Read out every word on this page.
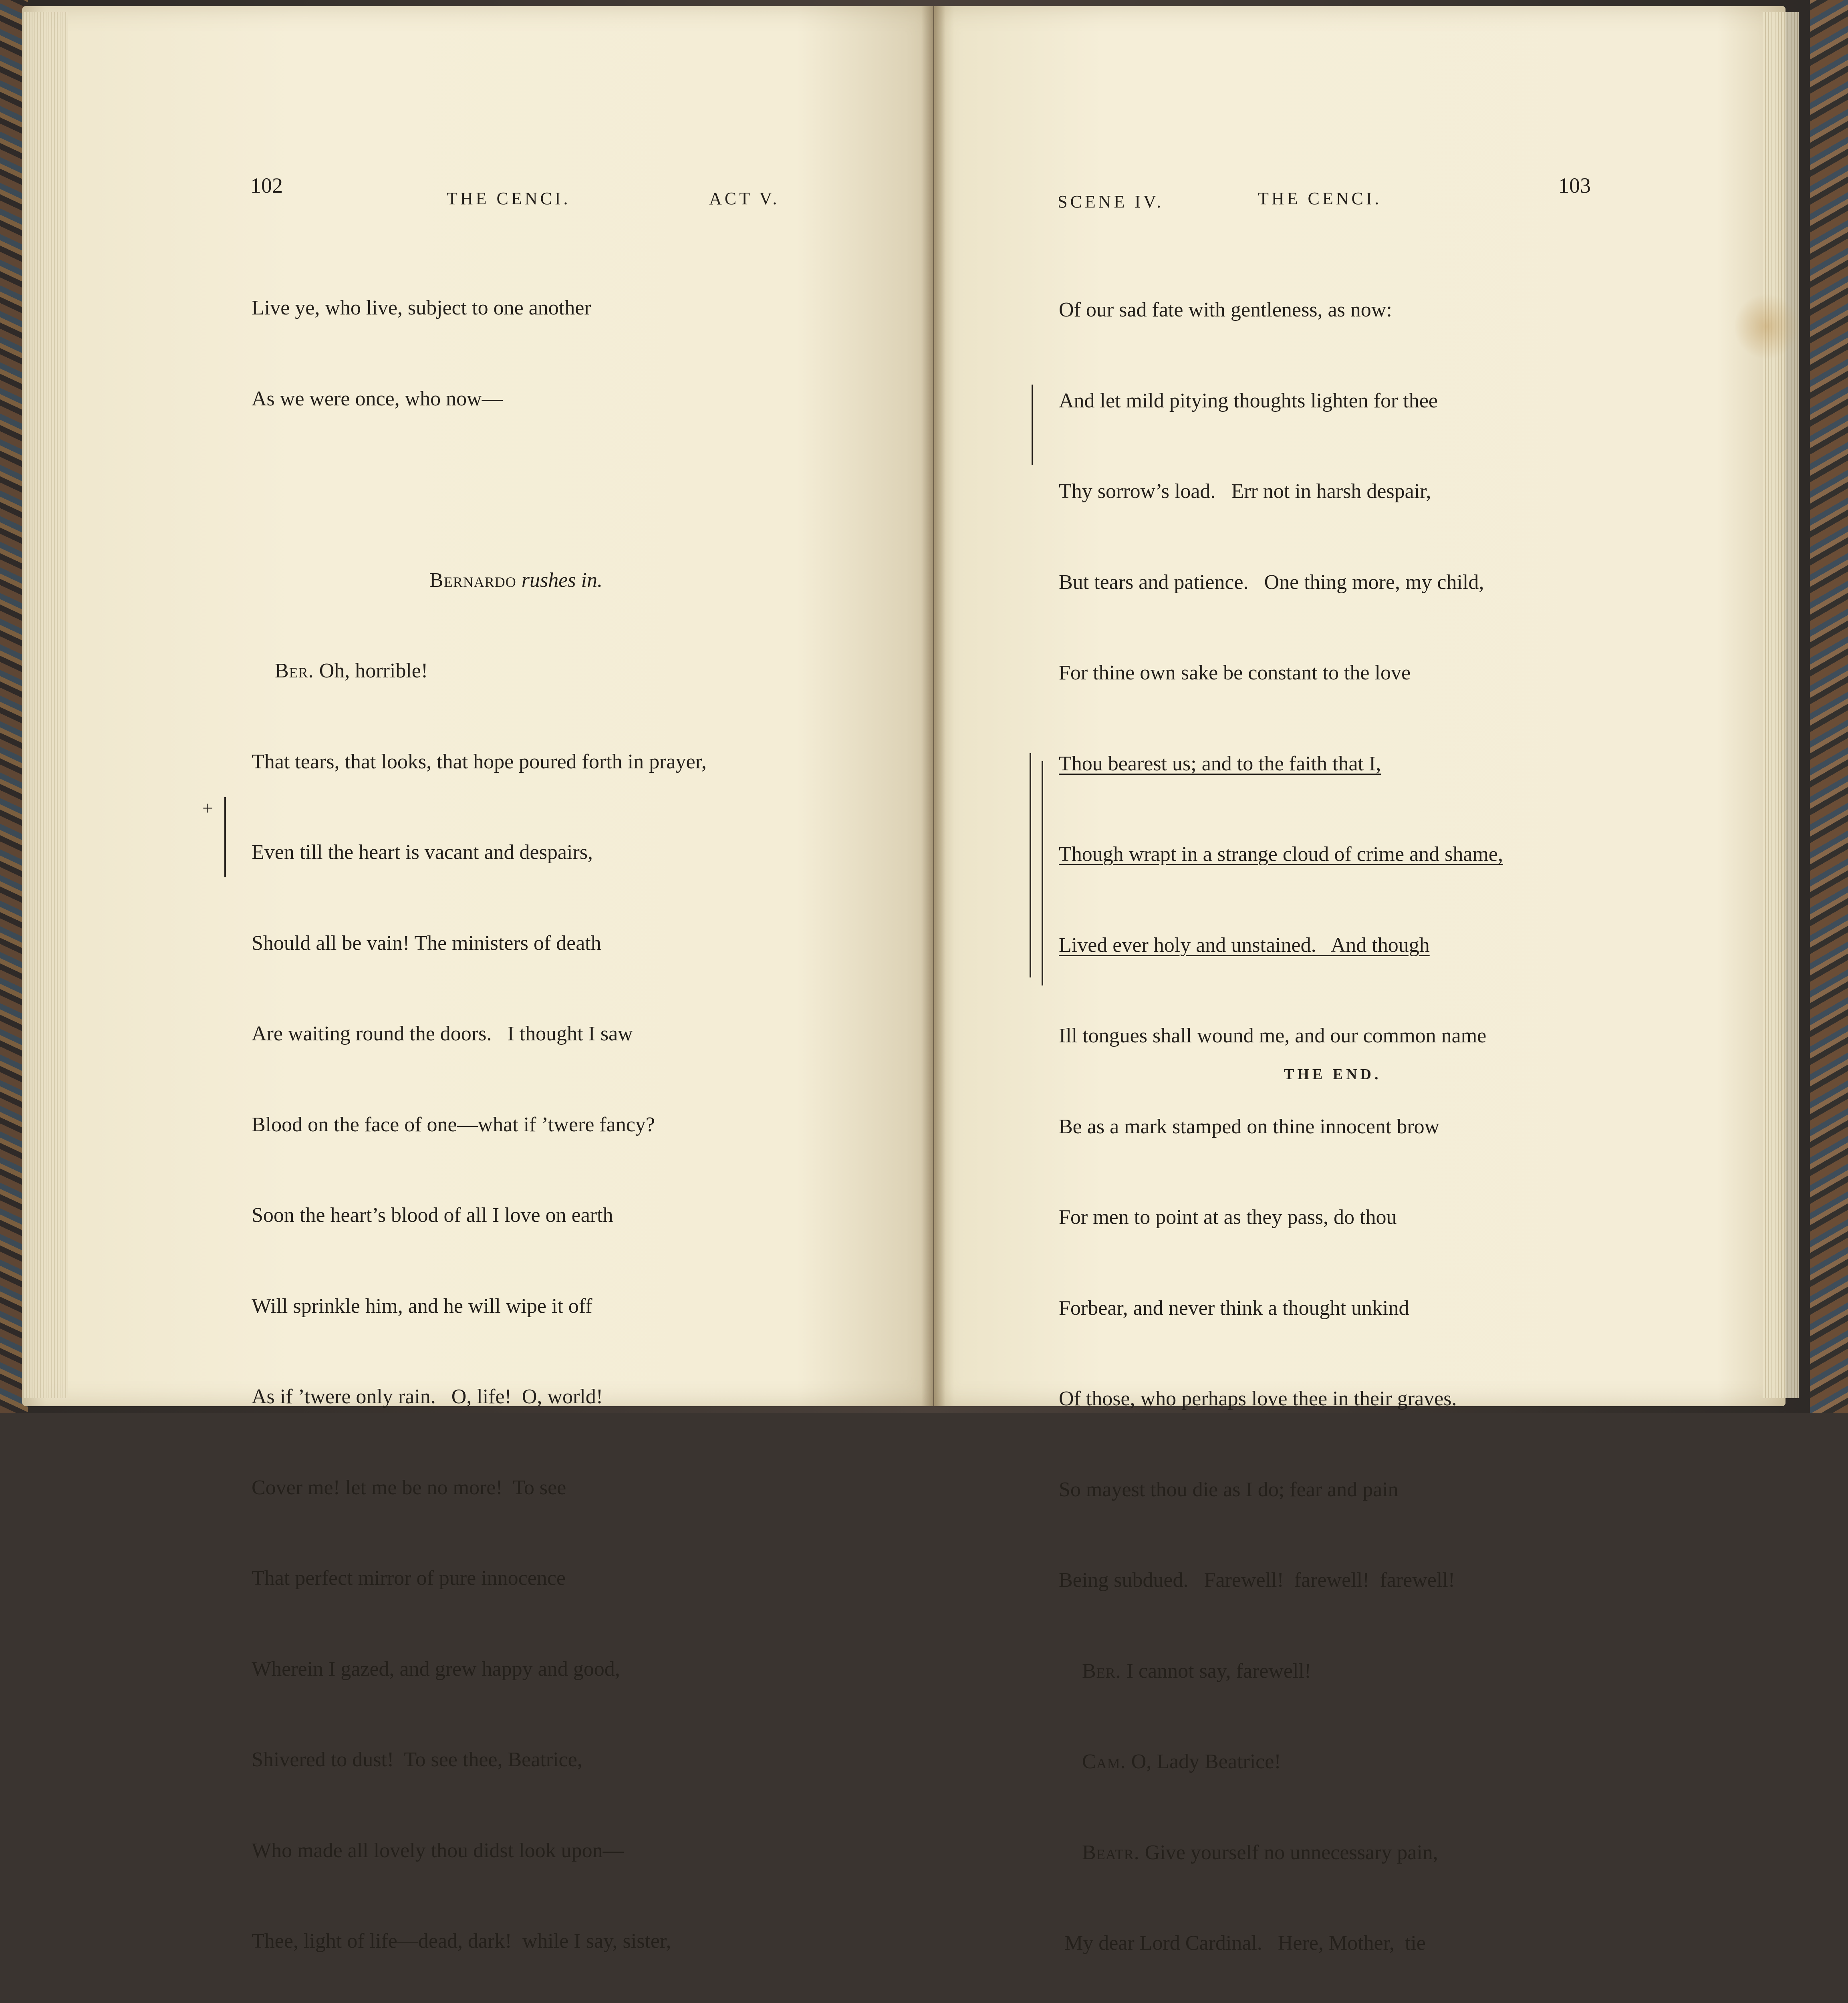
102
THE CENCI.	ACT V.

Live ye, who live, subject to one another

As we were once, who now—

Bernardo rushes in.

Ber. Oh, horrible!

That tears, that looks, that hope poured forth in prayer,

Even till the heart is vacant and despairs,

Should all be vain! The ministers of death

Are waiting round the doors.   I thought I saw

Blood on the face of one—what if ’twere fancy?

Soon the heart’s blood of all I love on earth

Will sprinkle him, and he will wipe it off

As if ’twere only rain.   O, life!  O, world!

Cover me! let me be no more!  To see

That perfect mirror of pure innocence

Wherein I gazed, and grew happy and good,

Shivered to dust!  To see thee, Beatrice,

Who made all lovely thou didst look upon—

Thee, light of life—dead, dark!  while I say, sister,

+
SCENE IV.	THE CENCI.
103

Of our sad fate with gentleness, as now:

And let mild pitying thoughts lighten for thee

Thy sorrow’s load.   Err not in harsh despair,

But tears and patience.   One thing more, my child,

For thine own sake be constant to the love

Thou bearest us; and to the faith that I,

Though wrapt in a strange cloud of crime and shame,

Lived ever holy and unstained.   And though

Ill tongues shall wound me, and our common name

Be as a mark stamped on thine innocent brow

For men to point at as they pass, do thou

Forbear, and never think a thought unkind

Of those, who perhaps love thee in their graves.

So mayest thou die as I do; fear and pain

Being subdued.   Farewell!  farewell!  farewell!

Ber. I cannot say, farewell!

Cam. O, Lady Beatrice!

Beatr. Give yourself no unnecessary pain,

My dear Lord Cardinal.   Here, Mother,  tie

THE END.
